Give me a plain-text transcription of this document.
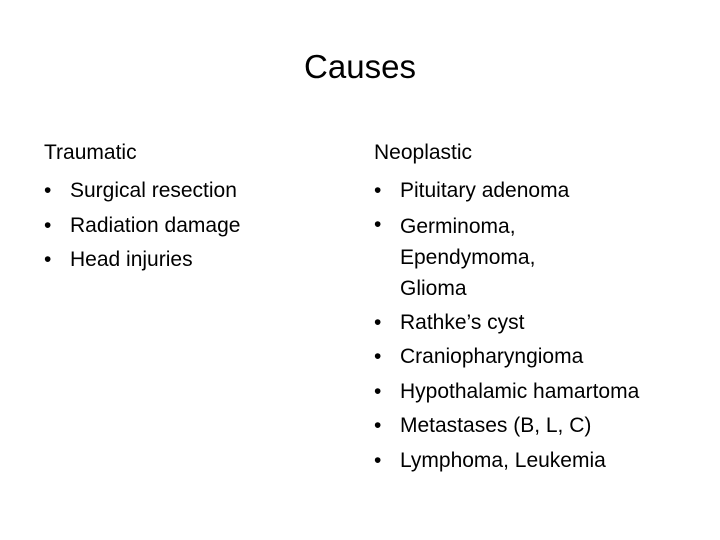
Causes
Traumatic
• Surgical resection
• Radiation damage
• Head injuries
Neoplastic
• Pituitary adenoma
• Germinoma, Ependymoma, Glioma
• Rathke’s cyst
• Craniopharyngioma
• Hypothalamic hamartoma
• Metastases (B, L, C)
• Lymphoma, Leukemia
